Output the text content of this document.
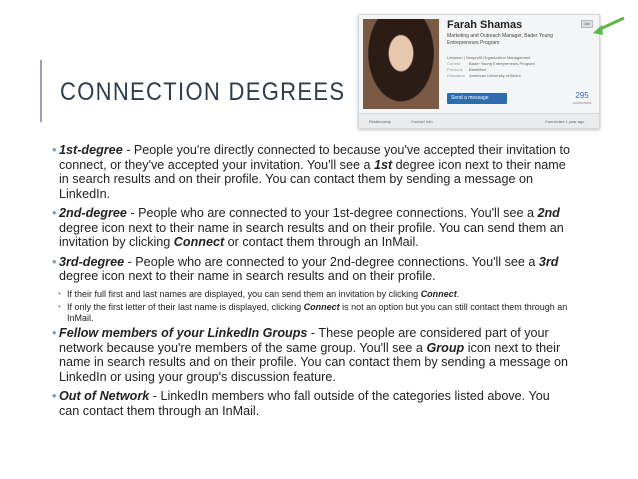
CONNECTION DEGREES
Farah Shamas	1st
Marketing and Outreach Manager, Bader Young Entrepreneurs Program
Lebanon | Nonprofit Organization Management
Current Bader Young Entrepreneurs Program
Previous BankMed
Education American University of Beirut
Send a message	295
connections
Relationship	Contact Info	Connected 1 year ago
• 1st-degree - People you're directly connected to because you've accepted their invitation to connect, or they've accepted your invitation. You'll see a 1st degree icon next to their name in search results and on their profile. You can contact them by sending a message on LinkedIn.
• 2nd-degree - People who are connected to your 1st-degree connections. You'll see a 2nd degree icon next to their name in search results and on their profile. You can send them an invitation by clicking Connect or contact them through an InMail.
• 3rd-degree - People who are connected to your 2nd-degree connections. You'll see a 3rd degree icon next to their name in search results and on their profile.
• If their full first and last names are displayed, you can send them an invitation by clicking Connect.
• If only the first letter of their last name is displayed, clicking Connect is not an option but you can still contact them through an InMail.
• Fellow members of your LinkedIn Groups - These people are considered part of your network because you're members of the same group. You'll see a Group icon next to their name in search results and on their profile. You can contact them by sending a message on LinkedIn or using your group's discussion feature.
• Out of Network - LinkedIn members who fall outside of the categories listed above. You can contact them through an InMail.
